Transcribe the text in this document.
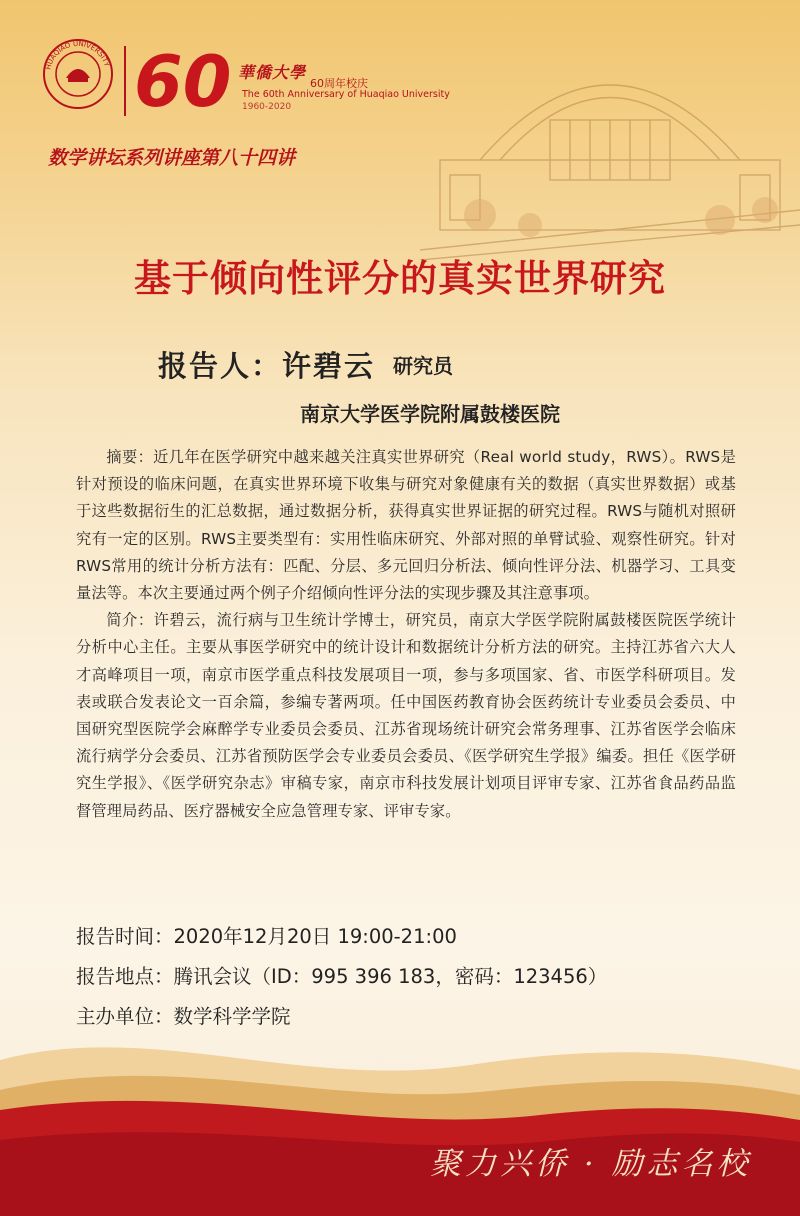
HUAQIAO UNIVERSITY 60 華僑大學
60周年校庆
The 60th Anniversary of Huaqiao University
1960-2020
数学讲坛系列讲座第八十四讲
基于倾向性评分的真实世界研究
报告人：许碧云 研究员
南京大学医学院附属鼓楼医院

摘要：近几年在医学研究中越来越关注真实世界研究（Real world study，RWS）。RWS是针对预设的临床问题，在真实世界环境下收集与研究对象健康有关的数据（真实世界数据）或基于这些数据衍生的汇总数据，通过数据分析，获得真实世界证据的研究过程。RWS与随机对照研究有一定的区别。RWS主要类型有：实用性临床研究、外部对照的单臂试验、观察性研究。针对RWS常用的统计分析方法有：匹配、分层、多元回归分析法、倾向性评分法、机器学习、工具变量法等。本次主要通过两个例子介绍倾向性评分法的实现步骤及其注意事项。

简介：许碧云，流行病与卫生统计学博士，研究员，南京大学医学院附属鼓楼医院医学统计分析中心主任。主要从事医学研究中的统计设计和数据统计分析方法的研究。主持江苏省六大人才高峰项目一项，南京市医学重点科技发展项目一项，参与多项国家、省、市医学科研项目。发表或联合发表论文一百余篇，参编专著两项。任中国医药教育协会医药统计专业委员会委员、中国研究型医院学会麻醉学专业委员会委员、江苏省现场统计研究会常务理事、江苏省医学会临床流行病学分会委员、江苏省预防医学会专业委员会委员、《医学研究生学报》编委。担任《医学研究生学报》、《医学研究杂志》审稿专家，南京市科技发展计划项目评审专家、江苏省食品药品监督管理局药品、医疗器械安全应急管理专家、评审专家。

报告时间：2020年12月20日 19:00-21:00
报告地点：腾讯会议（ID：995 396 183，密码：123456）
主办单位：数学科学学院
聚力兴侨 · 励志名校
